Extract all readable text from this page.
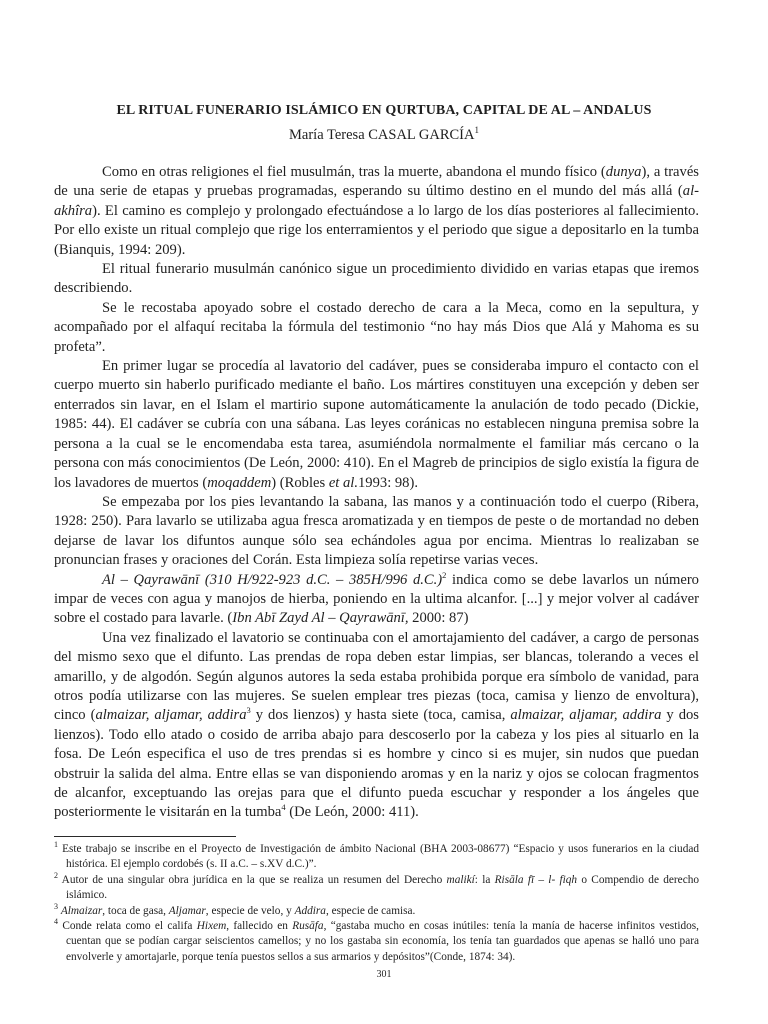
EL RITUAL FUNERARIO ISLÁMICO EN QURTUBA, CAPITAL DE AL – ANDALUS
María Teresa CASAL GARCÍA$^1$

Como en otras religiones el fiel musulmán, tras la muerte, abandona el mundo físico (dunya), a través de una serie de etapas y pruebas programadas, esperando su último destino en el mundo del más allá (al-akhîra). El camino es complejo y prolongado efectuándose a lo largo de los días posteriores al fallecimiento. Por ello existe un ritual complejo que rige los enterramientos y el periodo que sigue a depositarlo en la tumba (Bianquis, 1994: 209).

El ritual funerario musulmán canónico sigue un procedimiento dividido en varias etapas que iremos describiendo.

Se le recostaba apoyado sobre el costado derecho de cara a la Meca, como en la sepultura, y acompañado por el alfaquí recitaba la fórmula del testimonio “no hay más Dios que Alá y Mahoma es su profeta”.

En primer lugar se procedía al lavatorio del cadáver, pues se consideraba impuro el contacto con el cuerpo muerto sin haberlo purificado mediante el baño. Los mártires constituyen una excepción y deben ser enterrados sin lavar, en el Islam el martirio supone automáticamente la anulación de todo pecado (Dickie, 1985: 44). El cadáver se cubría con una sábana. Las leyes coránicas no establecen ninguna premisa sobre la persona a la cual se le encomendaba esta tarea, asumiéndola normalmente el familiar más cercano o la persona con más conocimientos (De León, 2000: 410). En el Magreb de principios de siglo existía la figura de los lavadores de muertos (moqaddem) (Robles et al.1993: 98).

Se empezaba por los pies levantando la sabana, las manos y a continuación todo el cuerpo (Ribera, 1928: 250). Para lavarlo se utilizaba agua fresca aromatizada y en tiempos de peste o de mortandad no deben dejarse de lavar los difuntos aunque sólo sea echándoles agua por encima. Mientras lo realizaban se pronuncian frases y oraciones del Corán. Esta limpieza solía repetirse varias veces.

Al – Qayrawānī (310 H/922-923 d.C. – 385H/996 d.C.)$^2$ indica como se debe lavarlos un número impar de veces con agua y manojos de hierba, poniendo en la ultima alcanfor. [...] y mejor volver al cadáver sobre el costado para lavarle. (Ibn Abī Zayd Al – Qayrawānī, 2000: 87)

Una vez finalizado el lavatorio se continuaba con el amortajamiento del cadáver, a cargo de personas del mismo sexo que el difunto. Las prendas de ropa deben estar limpias, ser blancas, tolerando a veces el amarillo, y de algodón. Según algunos autores la seda estaba prohibida porque era símbolo de vanidad, para otros podía utilizarse con las mujeres. Se suelen emplear tres piezas (toca, camisa y lienzo de envoltura), cinco (almaizar, aljamar, addira$^3$ y dos lienzos) y hasta siete (toca, camisa, almaizar, aljamar, addira y dos lienzos). Todo ello atado o cosido de arriba abajo para descoserlo por la cabeza y los pies al situarlo en la fosa. De León especifica el uso de tres prendas si es hombre y cinco si es mujer, sin nudos que puedan obstruir la salida del alma. Entre ellas se van disponiendo aromas y en la nariz y ojos se colocan fragmentos de alcanfor, exceptuando las orejas para que el difunto pueda escuchar y responder a los ángeles que posteriormente le visitarán en la tumba$^4$ (De León, 2000: 411).

$^1$ Este trabajo se inscribe en el Proyecto de Investigación de ámbito Nacional (BHA 2003-08677) “Espacio y usos funerarios en la ciudad histórica. El ejemplo cordobés (s. II a.C. – s.XV d.C.)”.

$^2$ Autor de una singular obra jurídica en la que se realiza un resumen del Derecho malikí: la Risāla fī – l- fiqh o Compendio de derecho islámico.

$^3$ Almaizar, toca de gasa, Aljamar, especie de velo, y Addira, especie de camisa.

$^4$ Conde relata como el califa Hixem, fallecido en Rusāfa, “gastaba mucho en cosas inútiles: tenía la manía de hacerse infinitos vestidos, cuentan que se podían cargar seiscientos camellos; y no los gastaba sin economía, los tenía tan guardados que apenas se halló uno para envolverle y amortajarle, porque tenía puestos sellos a sus armarios y depósitos”(Conde, 1874: 34).

301
